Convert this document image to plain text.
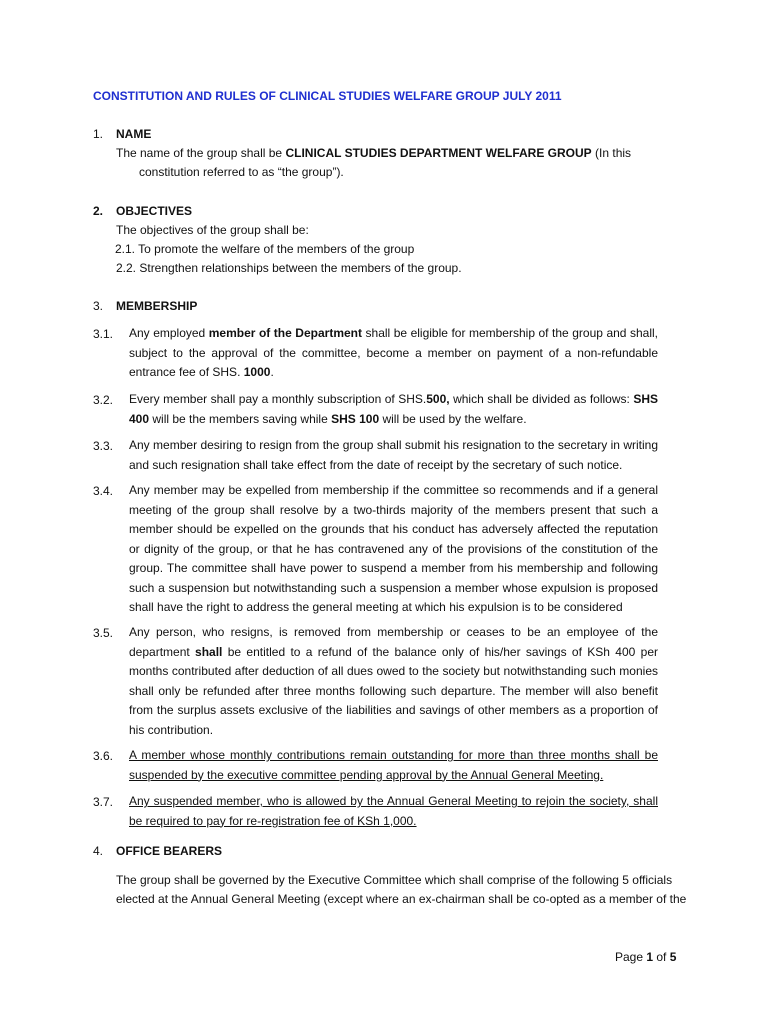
CONSTITUTION AND RULES OF CLINICAL STUDIES WELFARE GROUP JULY 2011
1. NAME
The name of the group shall be CLINICAL STUDIES DEPARTMENT WELFARE GROUP (In this
constitution referred to as “the group”).
2. OBJECTIVES
The objectives of the group shall be:
2.1. To promote the welfare of the members of the group
2.2. Strengthen relationships between the members of the group.
3. MEMBERSHIP
3.1. Any employed member of the Department shall be eligible for membership of the group and shall, subject to the approval of the committee, become a member on payment of a non-refundable entrance fee of SHS. 1000.
3.2. Every member shall pay a monthly subscription of SHS.500, which shall be divided as follows: SHS 400 will be the members saving while SHS 100 will be used by the welfare.
3.3. Any member desiring to resign from the group shall submit his resignation to the secretary in writing and such resignation shall take effect from the date of receipt by the secretary of such notice.
3.4. Any member may be expelled from membership if the committee so recommends and if a general meeting of the group shall resolve by a two-thirds majority of the members present that such a member should be expelled on the grounds that his conduct has adversely affected the reputation or dignity of the group, or that he has contravened any of the provisions of the constitution of the group. The committee shall have power to suspend a member from his membership and following such a suspension but notwithstanding such a suspension a member whose expulsion is proposed shall have the right to address the general meeting at which his expulsion is to be considered
3.5. Any person, who resigns, is removed from membership or ceases to be an employee of the department shall be entitled to a refund of the balance only of his/her savings of KSh 400 per months contributed after deduction of all dues owed to the society but notwithstanding such monies shall only be refunded after three months following such departure. The member will also benefit from the surplus assets exclusive of the liabilities and savings of other members as a proportion of his contribution.
3.6. A member whose monthly contributions remain outstanding for more than three months shall be suspended by the executive committee pending approval by the Annual General Meeting.
3.7. Any suspended member, who is allowed by the Annual General Meeting to rejoin the society, shall be required to pay for re-registration fee of KSh 1,000.
4. OFFICE BEARERS
The group shall be governed by the Executive Committee which shall comprise of the following 5 officials
elected at the Annual General Meeting (except where an ex-chairman shall be co-opted as a member of the
Page 1 of 5
